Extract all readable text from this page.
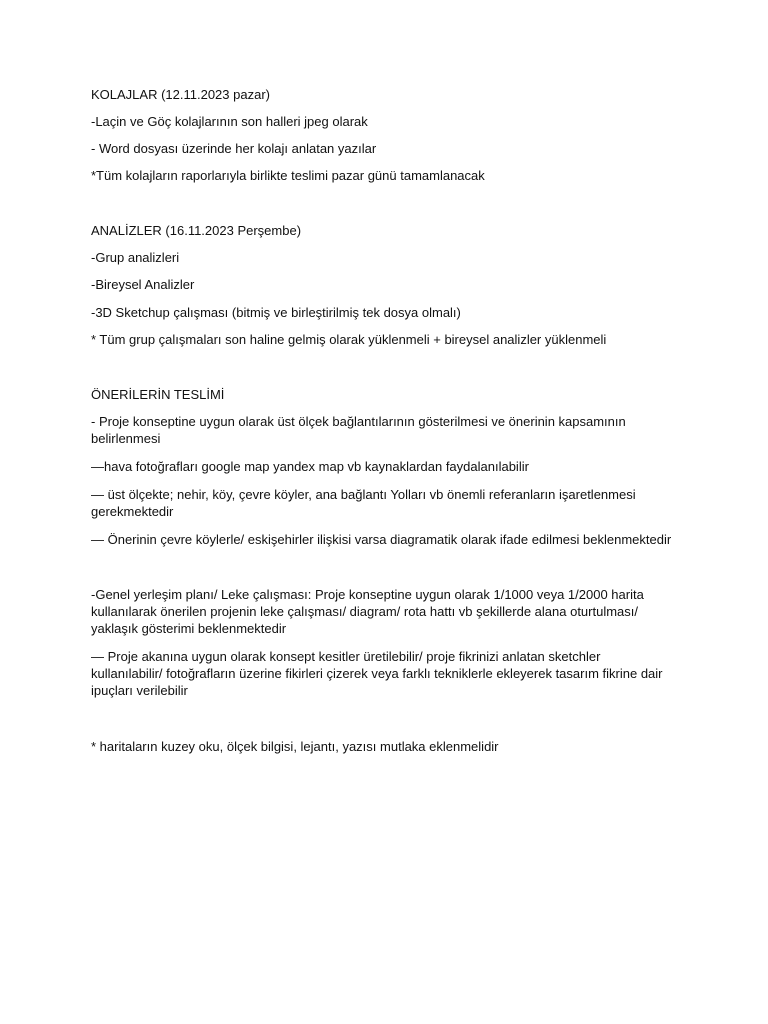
KOLAJLAR (12.11.2023 pazar)

-Laçin ve Göç kolajlarının son halleri jpeg olarak

- Word dosyası üzerinde her kolajı anlatan yazılar

*Tüm kolajların raporlarıyla birlikte teslimi pazar günü tamamlanacak

ANALİZLER (16.11.2023 Perşembe)

-Grup analizleri

-Bireysel Analizler

-3D Sketchup çalışması (bitmiş ve birleştirilmiş tek dosya olmalı)

* Tüm grup çalışmaları son haline gelmiş olarak yüklenmeli + bireysel analizler yüklenmeli

ÖNERİLERİN TESLİMİ

- Proje konseptine uygun olarak üst ölçek bağlantılarının gösterilmesi ve önerinin kapsamının
belirlenmesi

—hava fotoğrafları google map yandex map vb kaynaklardan faydalanılabilir

— üst ölçekte; nehir, köy, çevre köyler, ana bağlantı Yolları vb önemli referanların işaretlenmesi
gerekmektedir

— Önerinin çevre köylerle/ eskişehirler ilişkisi varsa diagramatik olarak ifade edilmesi beklenmektedir

-Genel yerleşim planı/ Leke çalışması: Proje konseptine uygun olarak 1/1000 veya 1/2000 harita
kullanılarak önerilen projenin leke çalışması/ diagram/ rota hattı vb şekillerde alana oturtulması/
yaklaşık gösterimi beklenmektedir
— Proje akanına uygun olarak konsept kesitler üretilebilir/ proje fikrinizi anlatan sketchler
kullanılabilir/ fotoğrafların üzerine fikirleri çizerek veya farklı tekniklerle ekleyerek tasarım fikrine dair
ipuçları verilebilir

* haritaların kuzey oku, ölçek bilgisi, lejantı, yazısı mutlaka eklenmelidir
